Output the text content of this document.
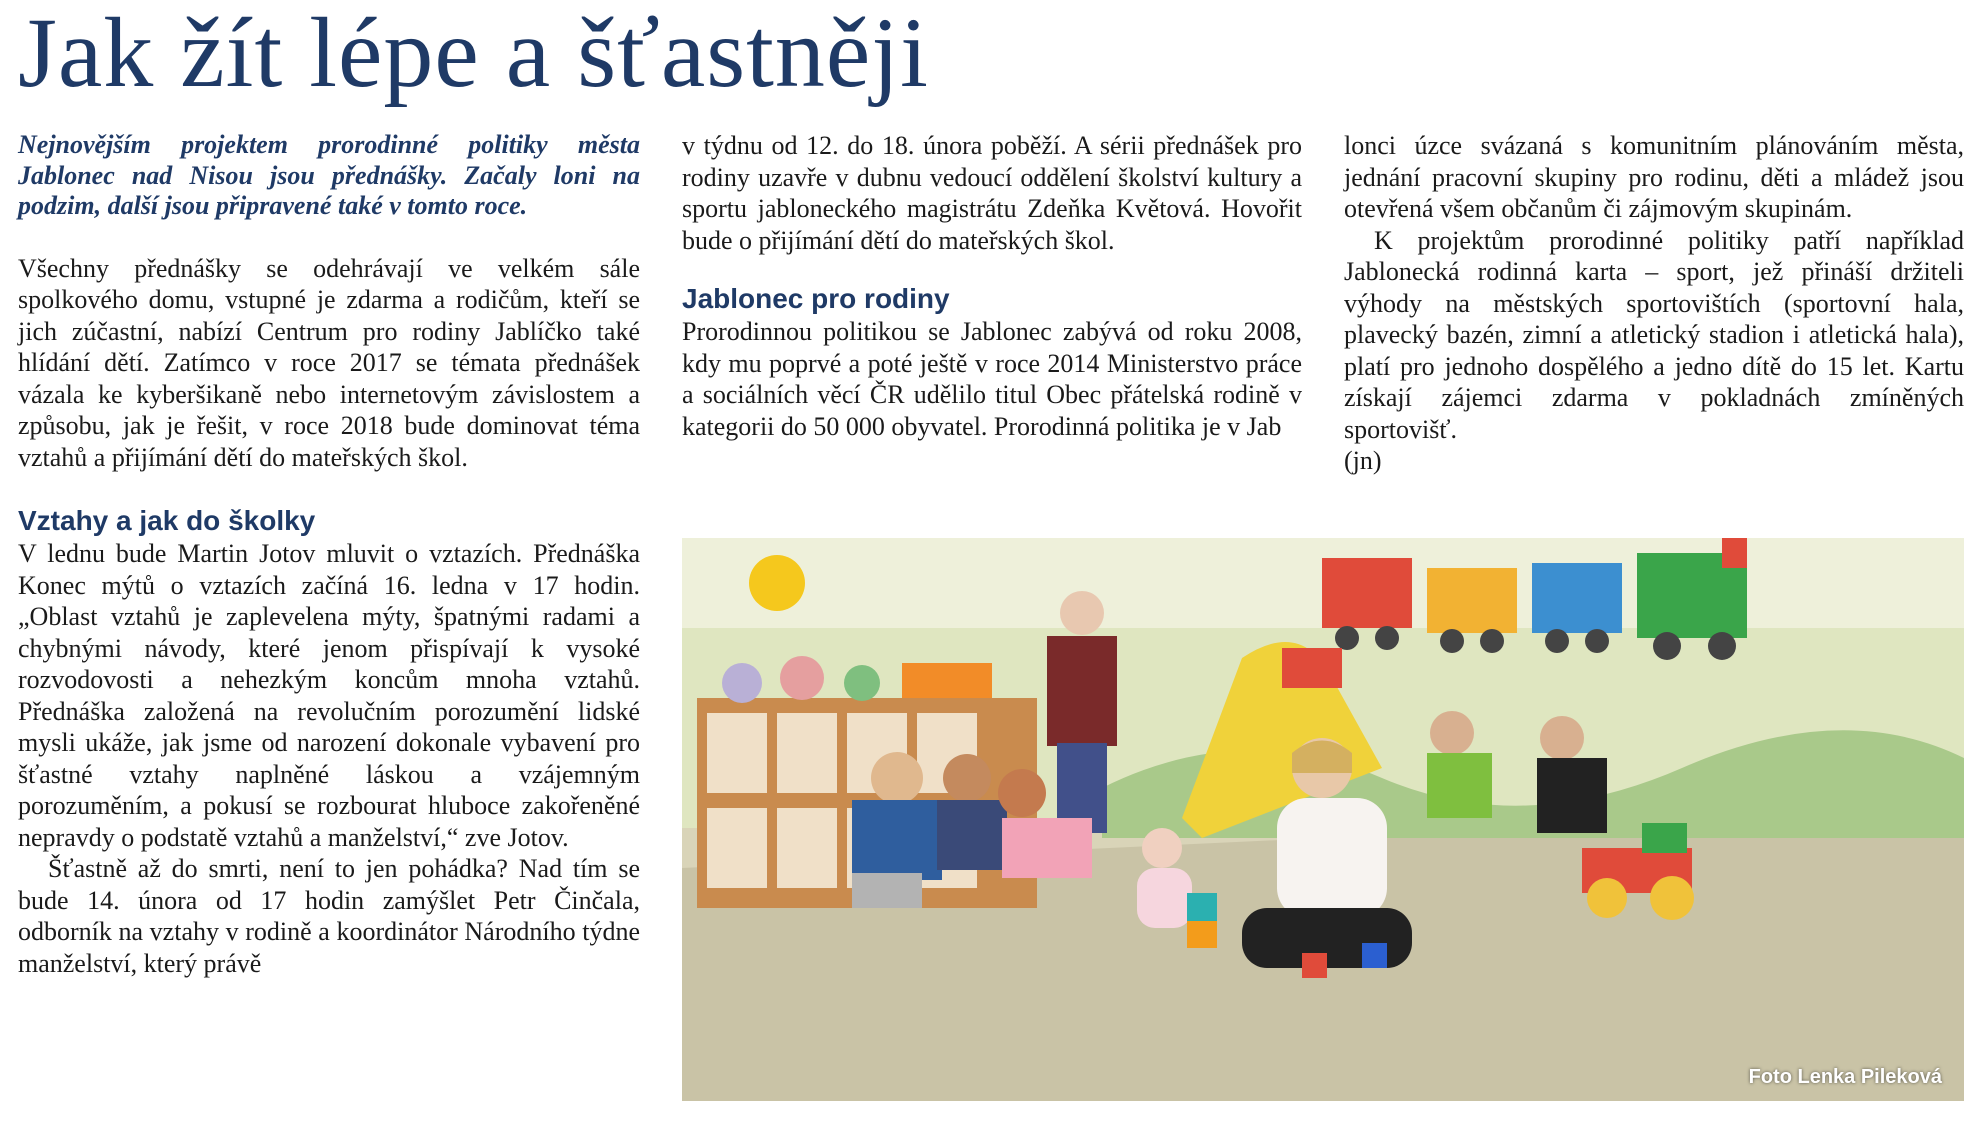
Jak žít lépe a šťastněji

Nejnovějším projektem prorodinné politiky města Jablonec nad Nisou jsou přednášky. Začaly loni na podzim, další jsou připravené také v tomto roce.

Všechny přednášky se odehrávají ve velkém sále spolkového domu, vstupné je zdarma a rodičům, kteří se jich zúčastní, nabízí Centrum pro rodiny Jablíčko také hlídání dětí. Zatímco v roce 2017 se témata přednášek vázala ke kyberšikaně nebo internetovým závislostem a způsobu, jak je řešit, v roce 2018 bude dominovat téma vztahů a přijímání dětí do mateřských škol.

Vztahy a jak do školky

V lednu bude Martin Jotov mluvit o vztazích. Přednáška Konec mýtů o vztazích začíná 16. ledna v 17 hodin. „Oblast vztahů je zaplevelena mýty, špatnými radami a chybnými návody, které jenom přispívají k vysoké rozvodovosti a nehezkým koncům mnoha vztahů. Přednáška založená na revolučním porozumění lidské mysli ukáže, jak jsme od narození dokonale vybavení pro šťastné vztahy naplněné láskou a vzájemným porozuměním, a pokusí se rozbourat hluboce zakořeněné nepravdy o podstatě vztahů a manželství,“ zve Jotov.

Šťastně až do smrti, není to jen pohádka? Nad tím se bude 14. února od 17 hodin zamýšlet Petr Činčala, odborník na vztahy v rodině a koordinátor Národního týdne manželství, který právě

v týdnu od 12. do 18. února poběží. A sérii přednášek pro rodiny uzavře v dubnu vedoucí oddělení školství kultury a sportu jabloneckého magistrátu Zdeňka Květová. Hovořit bude o přijímání dětí do mateřských škol.

Jablonec pro rodiny

Prorodinnou politikou se Jablonec zabývá od roku 2008, kdy mu poprvé a poté ještě v roce 2014 Ministerstvo práce a sociálních věcí ČR udělilo titul Obec přátelská rodině v kategorii do 50 000 obyvatel. Prorodinná politika je v Jab

lonci úzce svázaná s komunitním plánováním města, jednání pracovní skupiny pro rodinu, děti a mládež jsou otevřená všem občanům či zájmovým skupinám.

K projektům prorodinné politiky patří například Jablonecká rodinná karta – sport, jež přináší držiteli výhody na městských sportovištích (sportovní hala, plavecký bazén, zimní a atletický stadion i atletická hala), platí pro jednoho dospělého a jedno dítě do 15 let. Kartu získají zájemci zdarma v pokladnách zmíněných sportovišť.

(jn)

Foto Lenka Pileková
